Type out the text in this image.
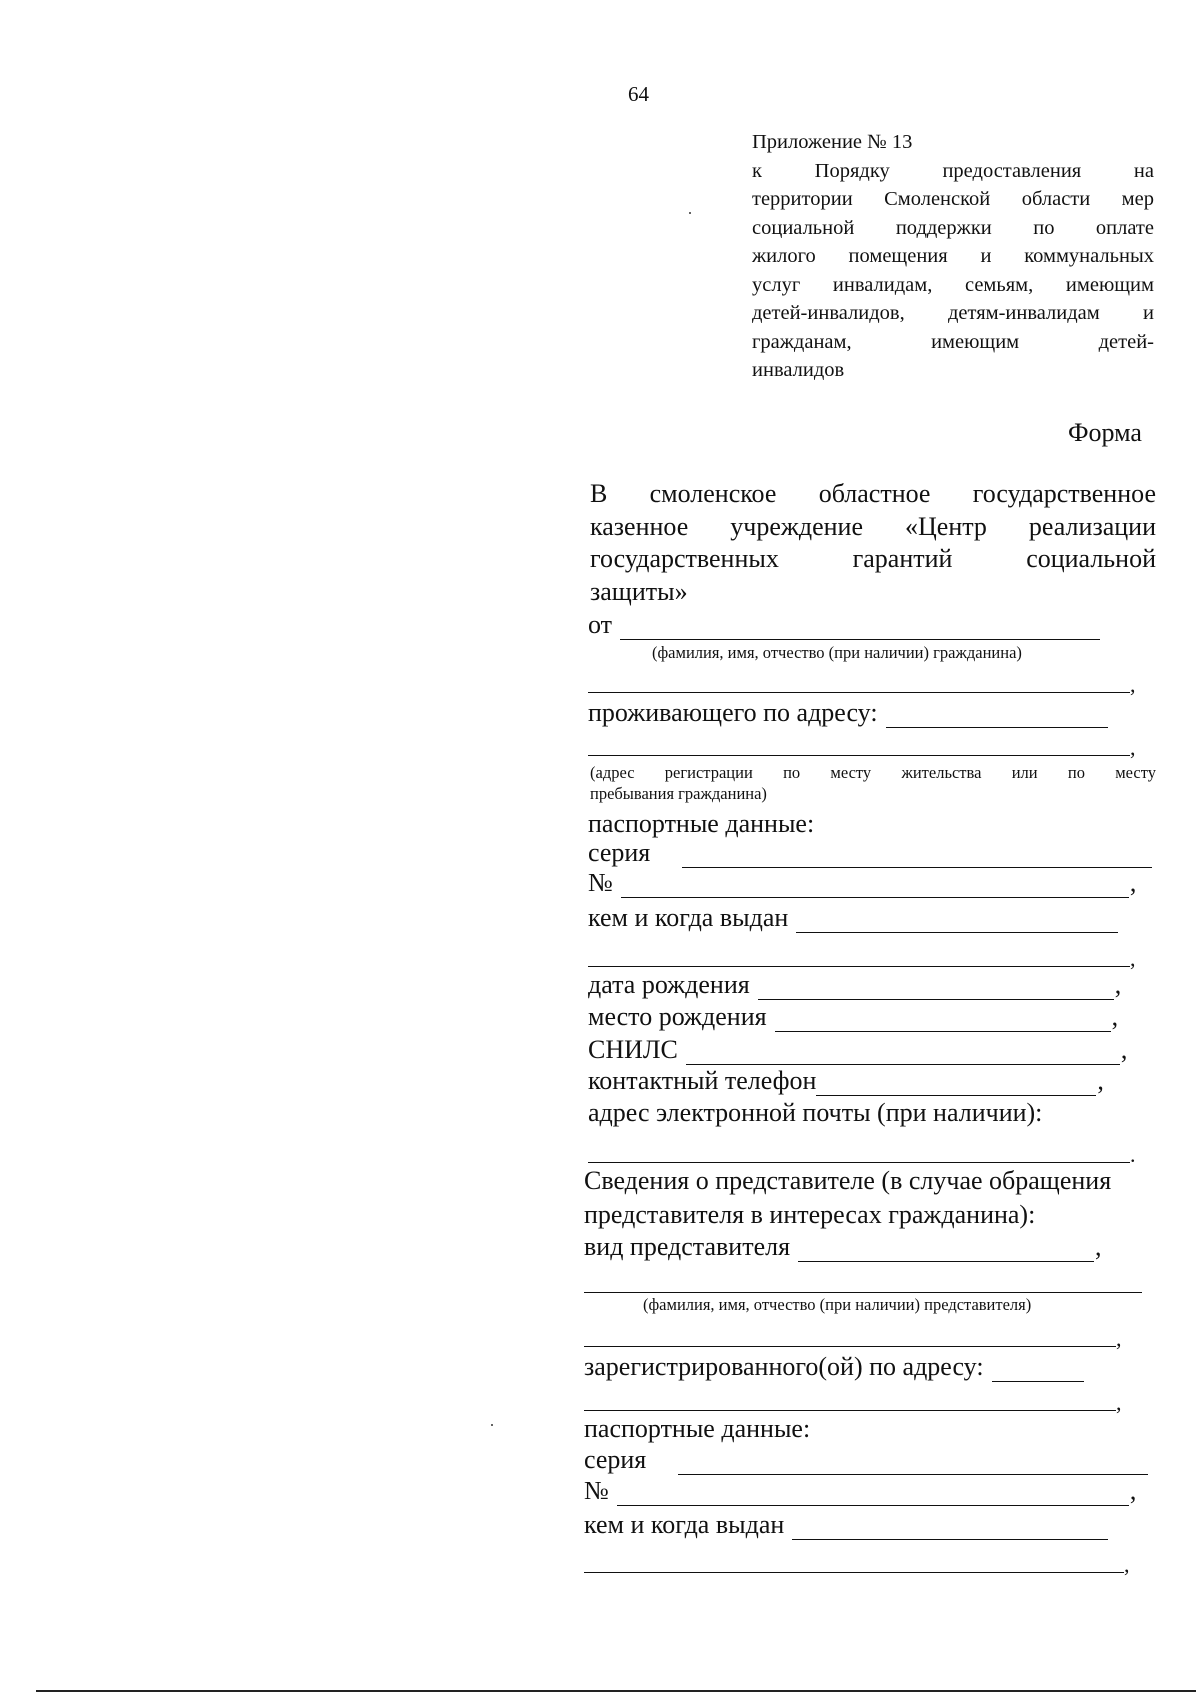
64
Приложение № 13
к Порядку предоставления на
территории Смоленской области мер
социальной поддержки по оплате
жилого помещения и коммунальных
услуг инвалидам, семьям, имеющим
детей-инвалидов, детям-инвалидам и
гражданам, имеющим детей-
инвалидов
Форма
В смоленское областное государственное
казенное учреждение «Центр реализации
государственных гарантий социальной
защиты»
от
(фамилия, имя, отчество (при наличии) гражданина)
,
проживающего по адресу:
,
(адрес регистрации по месту жительства или по месту
пребывания гражданина)
паспортные данные:
серия
№	,
кем и когда выдан
,
дата рождения	,
место рождения	,
СНИЛС	,
контактный телефон	,
адрес электронной почты (при наличии):
.
Сведения о представителе (в случае обращения
представителя в интересах гражданина):
вид представителя	,
(фамилия, имя, отчество (при наличии) представителя)
,
зарегистрированного(ой) по адресу:
,
паспортные данные:
серия
№	,
кем и когда выдан
,
